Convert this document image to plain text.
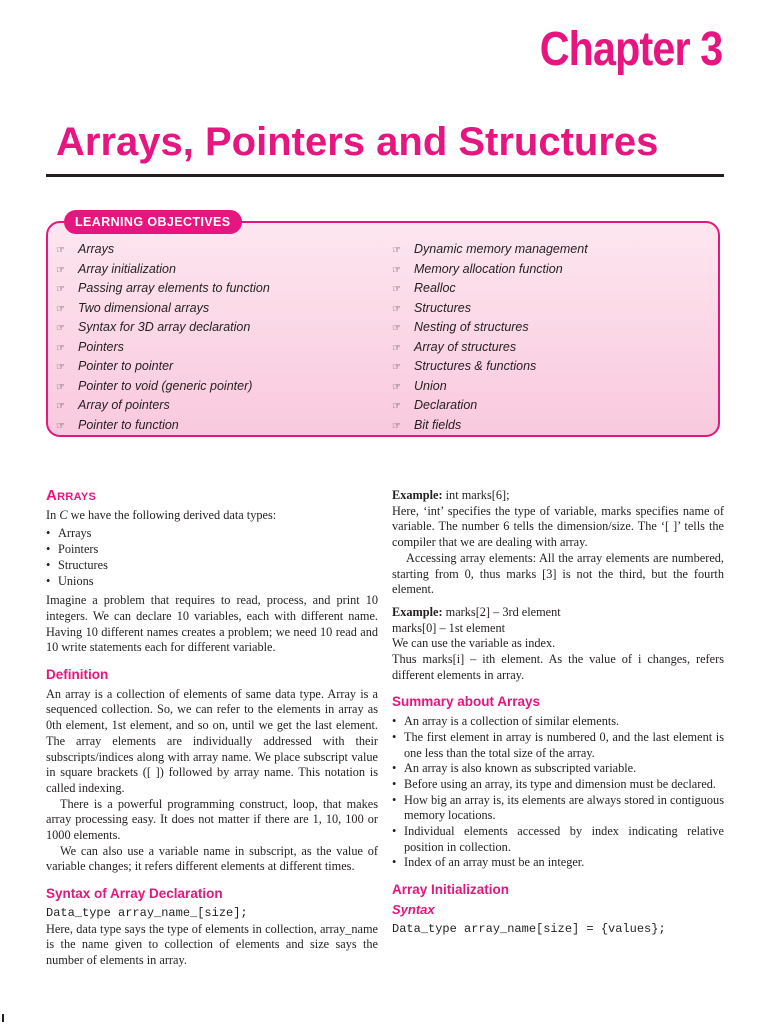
Chapter 3
Arrays, Pointers and Structures
LEARNING OBJECTIVES
☞ Arrays
☞ Array initialization
☞ Passing array elements to function
☞ Two dimensional arrays
☞ Syntax for 3D array declaration
☞ Pointers
☞ Pointer to pointer
☞ Pointer to void (generic pointer)
☞ Array of pointers
☞ Pointer to function
☞ Dynamic memory management
☞ Memory allocation function
☞ Realloc
☞ Structures
☞ Nesting of structures
☞ Array of structures
☞ Structures & functions
☞ Union
☞ Declaration
☞ Bit fields
Arrays

In C we have the following derived data types:

• Arrays
• Pointers
• Structures
• Unions

Imagine a problem that requires to read, process, and print 10 integers. We can declare 10 variables, each with different name. Having 10 different names creates a problem; we need 10 read and 10 write statements each for different variable.

Definition

An array is a collection of elements of same data type. Array is a sequenced collection. So, we can refer to the elements in array as 0th element, 1st element, and so on, until we get the last element. The array elements are individually addressed with their subscripts/indices along with array name. We place subscript value in square brackets ([ ]) followed by array name. This notation is called indexing.

There is a powerful programming construct, loop, that makes array processing easy. It does not matter if there are 1, 10, 100 or 1000 elements.

We can also use a variable name in subscript, as the value of variable changes; it refers different elements at different times.

Syntax of Array Declaration
Data_type array_name_[size];

Here, data type says the type of elements in collection, array_name is the name given to collection of elements and size says the number of elements in array.

Example: int marks[6];

Here, ‘int’ specifies the type of variable, marks specifies name of variable. The number 6 tells the dimension/size. The ‘[ ]’ tells the compiler that we are dealing with array.

Accessing array elements: All the array elements are numbered, starting from 0, thus marks [3] is not the third, but the fourth element.

Example: marks[2] – 3rd element

marks[0] – 1st element

We can use the variable as index.

Thus marks[i] – ith element. As the value of i changes, refers different elements in array.

Summary about Arrays
• An array is a collection of similar elements.
• The first element in array is numbered 0, and the last element is one less than the total size of the array.
• An array is also known as subscripted variable.
• Before using an array, its type and dimension must be declared.
• How big an array is, its elements are always stored in contiguous memory locations.
• Individual elements accessed by index indicating relative position in collection.
• Index of an array must be an integer.
Array Initialization
Syntax
Data_type array_name[size] = {values};
